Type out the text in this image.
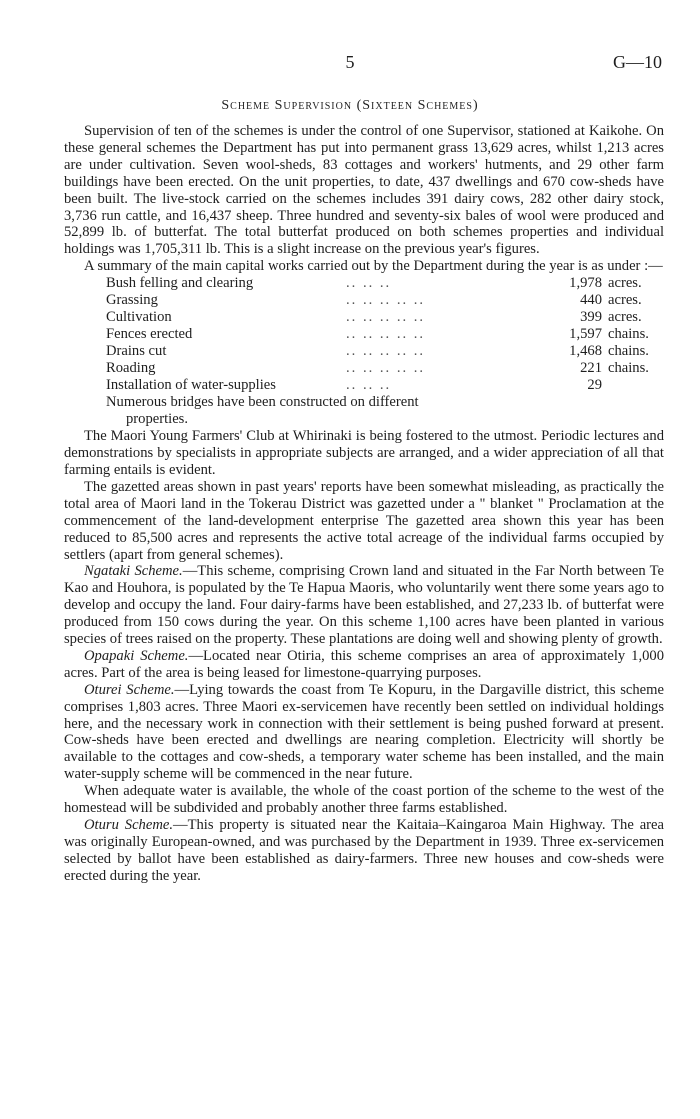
5	G—10
Scheme Supervision (Sixteen Schemes)

Supervision of ten of the schemes is under the control of one Supervisor, stationed at Kaikohe. On these general schemes the Department has put into permanent grass 13,629 acres, whilst 1,213 acres are under cultivation. Seven wool-sheds, 83 cottages and workers' hutments, and 29 other farm buildings have been erected. On the unit properties, to date, 437 dwellings and 670 cow-sheds have been built. The live-stock carried on the schemes includes 391 dairy cows, 282 other dairy stock, 3,736 run cattle, and 16,437 sheep. Three hundred and seventy-six bales of wool were produced and 52,899 lb. of butterfat. The total butterfat produced on both schemes properties and individual holdings was 1,705,311 lb. This is a slight increase on the previous year's figures.

A summary of the main capital works carried out by the Department during the year is as under :—

Bush felling and clearing	.. .. ..	1,978 acres.
Grassing	.. .. .. .. ..	440 acres.
Cultivation	.. .. .. .. ..	399 acres.
Fences erected	.. .. .. .. ..	1,597 chains.
Drains cut	.. .. .. .. ..	1,468 chains.
Roading	.. .. .. .. ..	221 chains.
Installation of water-supplies	.. .. ..	29
Numerous bridges have been constructed on different
properties.

The Maori Young Farmers' Club at Whirinaki is being fostered to the utmost. Periodic lectures and demonstrations by specialists in appropriate subjects are arranged, and a wider appreciation of all that farming entails is evident.

The gazetted areas shown in past years' reports have been somewhat misleading, as practically the total area of Maori land in the Tokerau District was gazetted under a " blanket " Proclamation at the commencement of the land-development enterprise The gazetted area shown this year has been reduced to 85,500 acres and represents the active total acreage of the individual farms occupied by settlers (apart from general schemes).

Ngataki Scheme.—This scheme, comprising Crown land and situated in the Far North between Te Kao and Houhora, is populated by the Te Hapua Maoris, who voluntarily went there some years ago to develop and occupy the land. Four dairy-farms have been established, and 27,233 lb. of butterfat were produced from 150 cows during the year. On this scheme 1,100 acres have been planted in various species of trees raised on the property. These plantations are doing well and showing plenty of growth.

Opapaki Scheme.—Located near Otiria, this scheme comprises an area of approximately 1,000 acres. Part of the area is being leased for limestone-quarrying purposes.

Oturei Scheme.—Lying towards the coast from Te Kopuru, in the Dargaville district, this scheme comprises 1,803 acres. Three Maori ex-servicemen have recently been settled on individual holdings here, and the necessary work in connection with their settlement is being pushed forward at present. Cow-sheds have been erected and dwellings are nearing completion. Electricity will shortly be available to the cottages and cow-sheds, a temporary water scheme has been installed, and the main water-supply scheme will be commenced in the near future.

When adequate water is available, the whole of the coast portion of the scheme to the west of the homestead will be subdivided and probably another three farms established.

Oturu Scheme.—This property is situated near the Kaitaia–Kaingaroa Main Highway. The area was originally European-owned, and was purchased by the Department in 1939. Three ex-servicemen selected by ballot have been established as dairy-farmers. Three new houses and cow-sheds were erected during the year.
